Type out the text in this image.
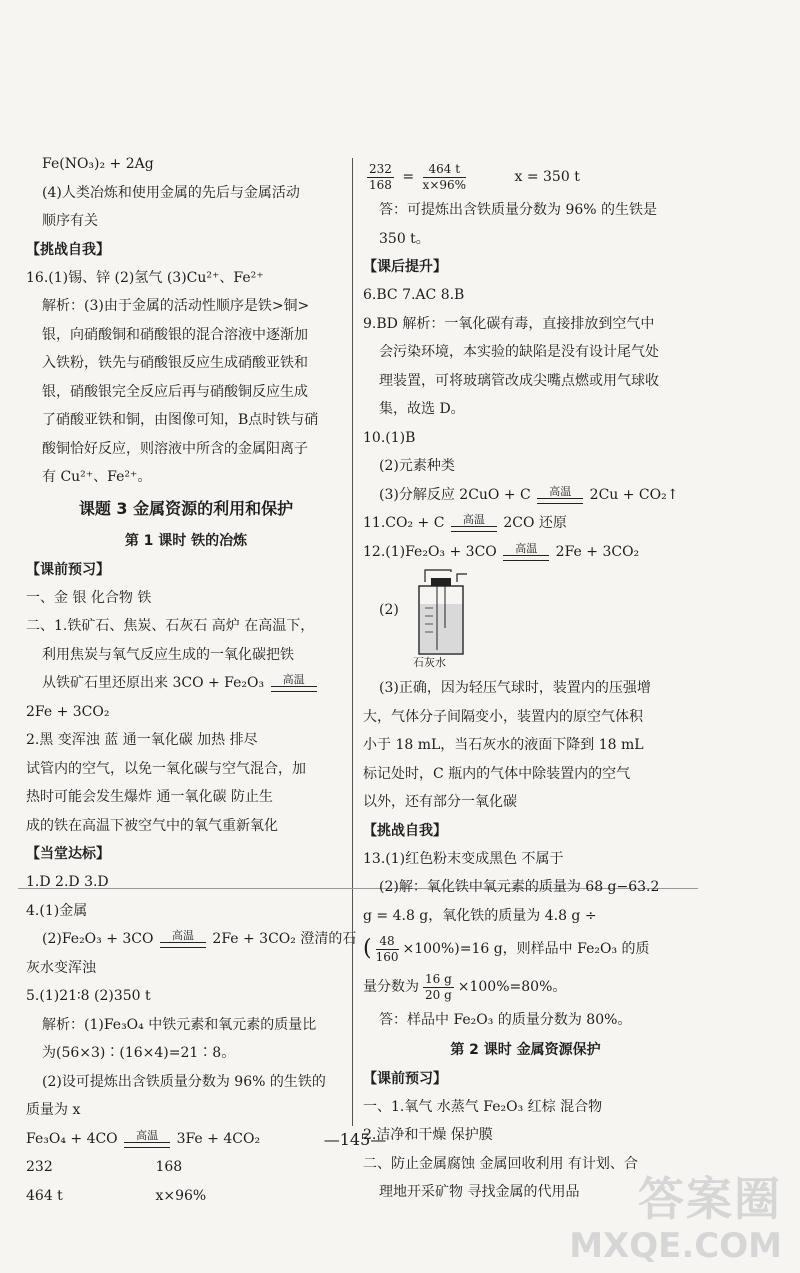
Fe(NO₃)₂ + 2Ag
(4)人类冶炼和使用金属的先后与金属活动
顺序有关
【挑战自我】
16.(1)锡、锌 (2)氢气 (3)Cu²⁺、Fe²⁺
解析：(3)由于金属的活动性顺序是铁>铜>
银，向硝酸铜和硝酸银的混合溶液中逐渐加
入铁粉，铁先与硝酸银反应生成硝酸亚铁和
银，硝酸银完全反应后再与硝酸铜反应生成
了硝酸亚铁和铜，由图像可知，B点时铁与硝
酸铜恰好反应，则溶液中所含的金属阳离子
有 Cu²⁺、Fe²⁺。
课题 3 金属资源的利用和保护
第 1 课时 铁的冶炼
【课前预习】
一、金 银 化合物 铁
二、1.铁矿石、焦炭、石灰石 高炉 在高温下，
利用焦炭与氧气反应生成的一氧化碳把铁
从铁矿石里还原出来 3CO + Fe₂O₃	高温
2Fe + 3CO₂
2.黑 变浑浊 蓝 通一氧化碳 加热 排尽
试管内的空气，以免一氧化碳与空气混合，加
热时可能会发生爆炸 通一氧化碳 防止生
成的铁在高温下被空气中的氧气重新氧化
【当堂达标】
1.D 2.D 3.D
4.(1)金属
(2)Fe₂O₃ + 3CO	高温	2Fe + 3CO₂ 澄清的石
灰水变浑浊
5.(1)21∶8 (2)350 t
解析：(1)Fe₃O₄ 中铁元素和氧元素的质量比
为(56×3)∶(16×4)=21∶8。
(2)设可提炼出含铁质量分数为 96% 的生铁的
质量为 x
Fe₃O₄ + 4CO	高温	3Fe + 4CO₂
232	168
464 t	x×96%
$\frac{232}{168} = \frac{464 t}{x\times 96\%}$	x = 350 t
答：可提炼出含铁质量分数为 96% 的生铁是
350 t。
【课后提升】
6.BC 7.AC 8.B
9.BD 解析：一氧化碳有毒，直接排放到空气中
会污染环境，本实验的缺陷是没有设计尾气处
理装置，可将玻璃管改成尖嘴点燃或用气球收
集，故选 D。
10.(1)B
(2)元素种类
(3)分解反应 2CuO + C	高温	2Cu + CO₂↑
11.CO₂ + C	高温	2CO 还原
12.(1)Fe₂O₃ + 3CO	高温	2Fe + 3CO₂
(2)
石灰水
(3)正确，因为轻压气球时，装置内的压强增
大，气体分子间隔变小，装置内的原空气体积
小于 18 mL，当石灰水的液面下降到 18 mL
标记处时，C 瓶内的气体中除装置内的空气
以外，还有部分一氧化碳
【挑战自我】
13.(1)红色粉末变成黑色 不属于
(2)解：氧化铁中氧元素的质量为 68 g−63.2
g = 4.8 g，氧化铁的质量为 4.8 g ÷
( $\frac{48}{160} \times 100\%)=16$ g，则样品中 Fe₂O₃ 的质
量分数为 $\frac{16 g}{20 g} \times 100\%=80\%$。
答：样品中 Fe₂O₃ 的质量分数为 80%。
第 2 课时 金属资源保护
【课前预习】
一、1.氧气 水蒸气 Fe₂O₃ 红棕 混合物
2.洁净和干燥 保护膜
二、防止金属腐蚀 金属回收利用 有计划、合
理地开采矿物 寻找金属的代用品
—145—
答案圈
MXQE.COM
